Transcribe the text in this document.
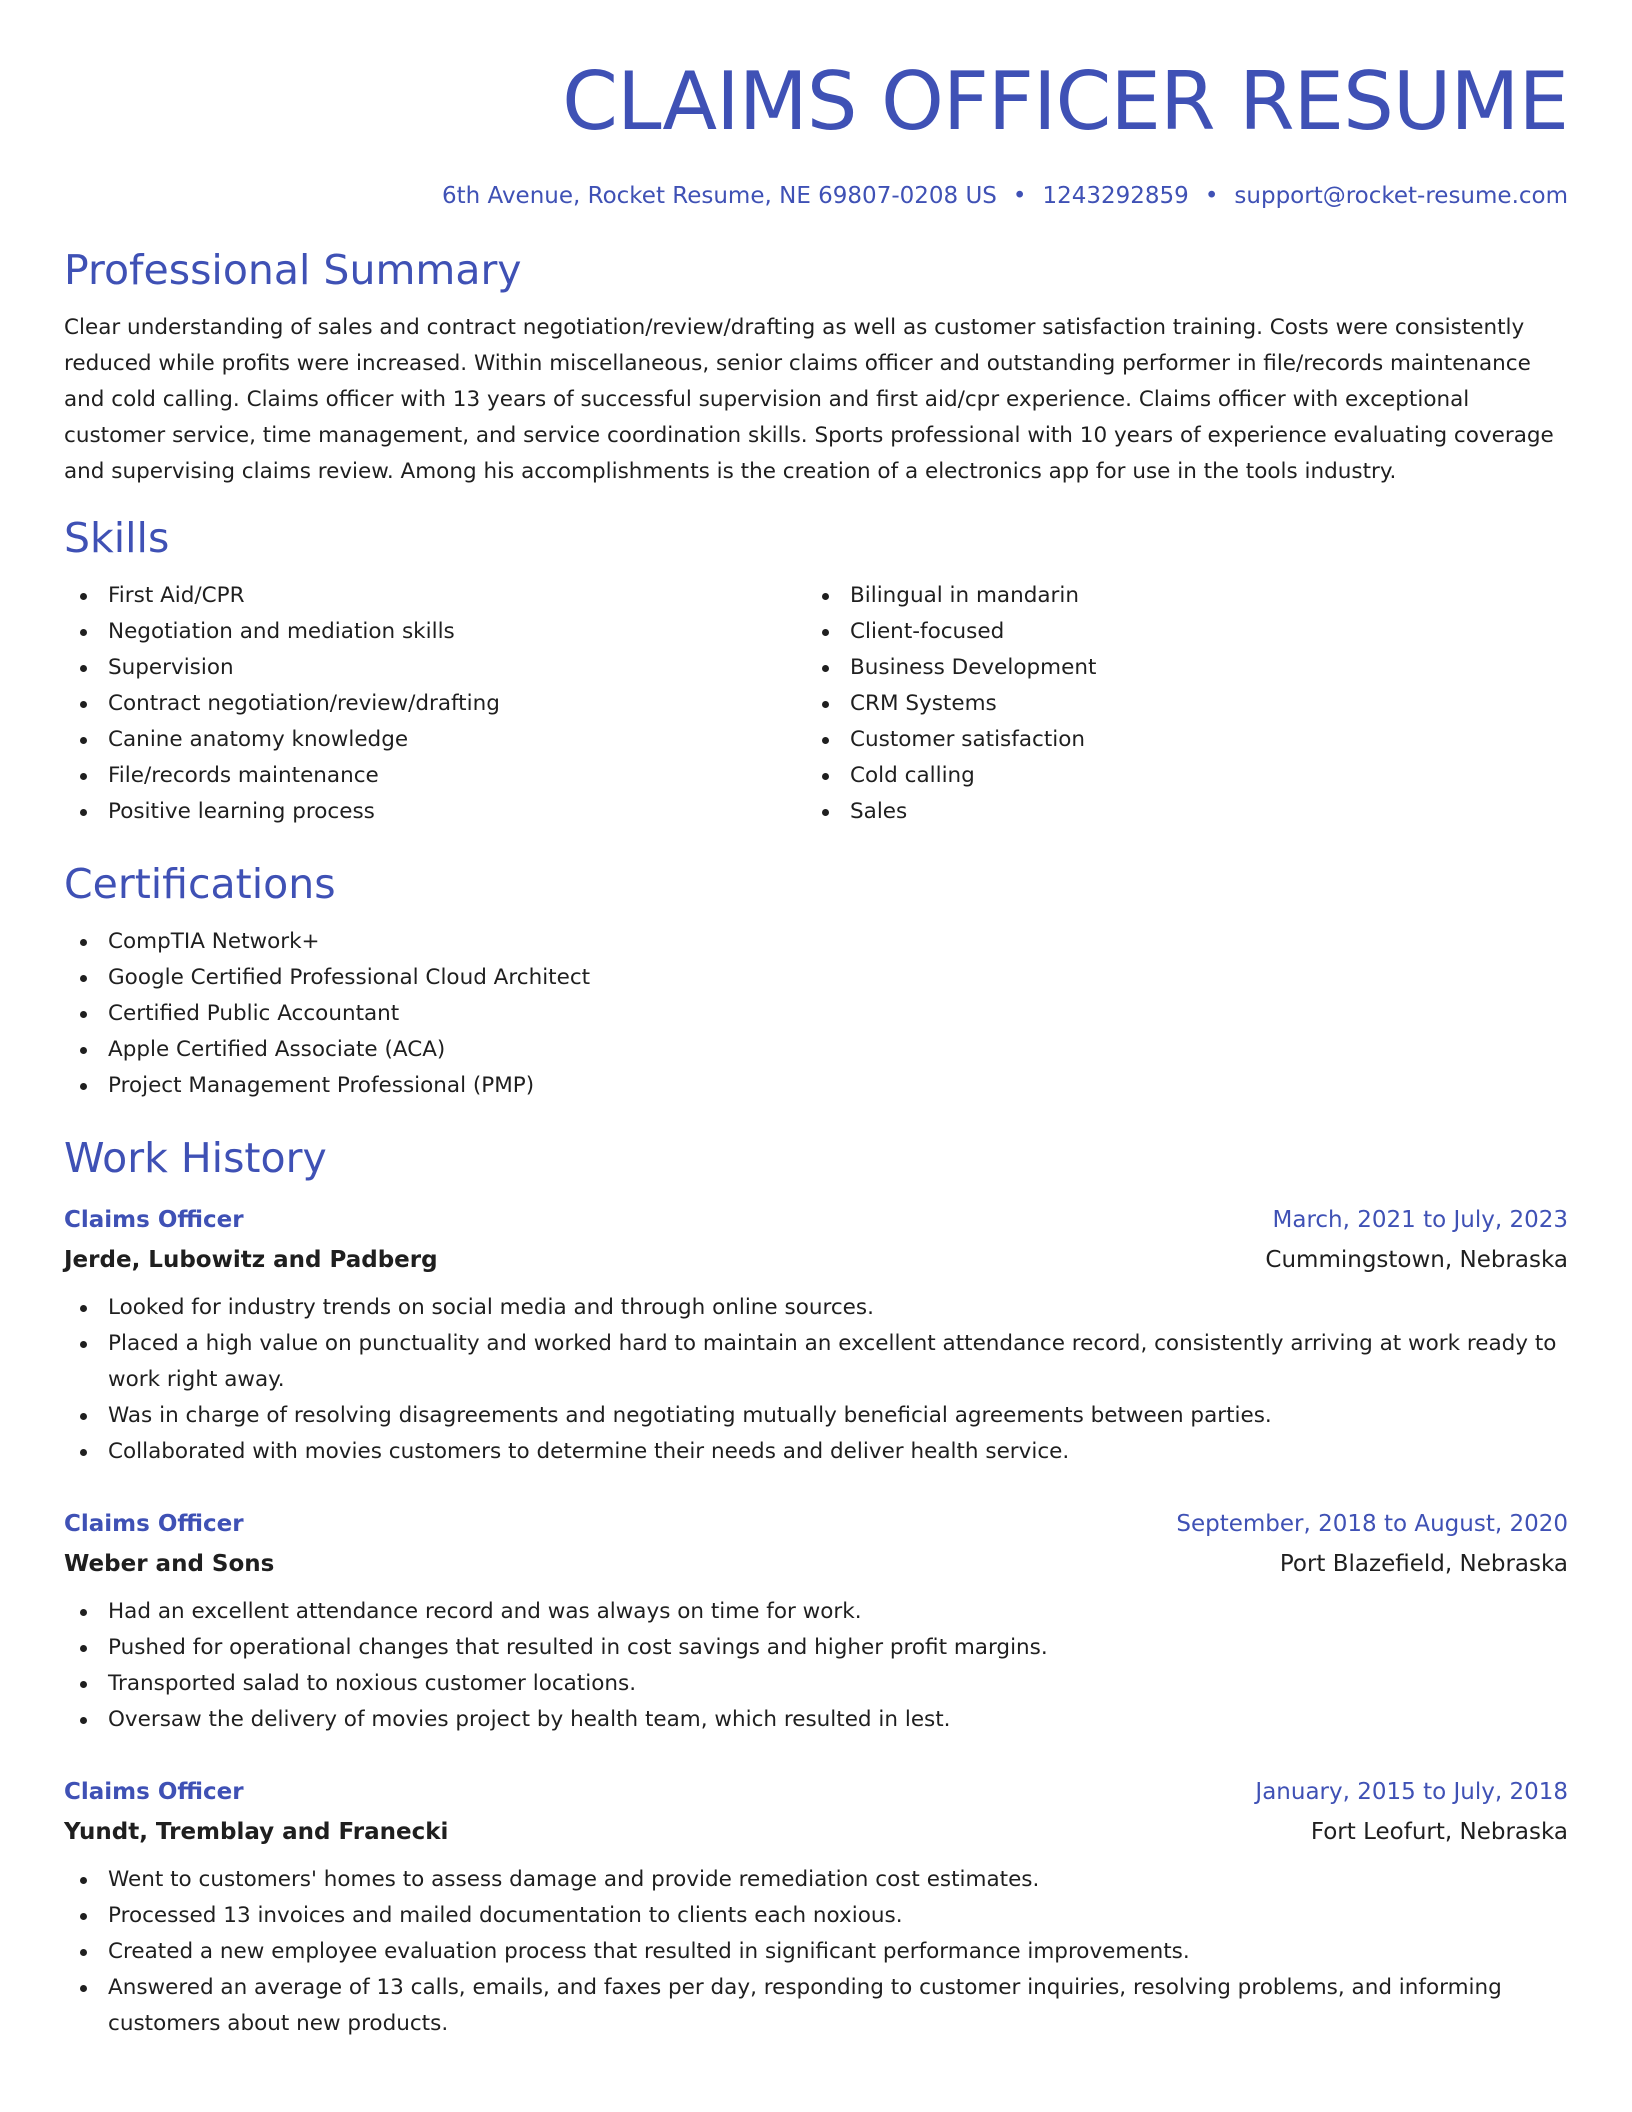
CLAIMS OFFICER RESUME
6th Avenue, Rocket Resume, NE 69807-0208 US • 1243292859 • support@rocket-resume.com
Professional Summary
Clear understanding of sales and contract negotiation/review/drafting as well as customer satisfaction training. Costs were consistently reduced while profits were increased. Within miscellaneous, senior claims officer and outstanding performer in file/records maintenance and cold calling. Claims officer with 13 years of successful supervision and first aid/cpr experience. Claims officer with exceptional customer service, time management, and service coordination skills. Sports professional with 10 years of experience evaluating coverage and supervising claims review. Among his accomplishments is the creation of a electronics app for use in the tools industry.
Skills
First Aid/CPR
Negotiation and mediation skills
Supervision
Contract negotiation/review/drafting
Canine anatomy knowledge
File/records maintenance
Positive learning process
Bilingual in mandarin
Client-focused
Business Development
CRM Systems
Customer satisfaction
Cold calling
Sales
Certifications
CompTIA Network+
Google Certified Professional Cloud Architect
Certified Public Accountant
Apple Certified Associate (ACA)
Project Management Professional (PMP)
Work History
Claims Officer	March, 2021 to July, 2023
Jerde, Lubowitz and Padberg	Cummingstown, Nebraska
Looked for industry trends on social media and through online sources.
Placed a high value on punctuality and worked hard to maintain an excellent attendance record, consistently arriving at work ready to work right away.
Was in charge of resolving disagreements and negotiating mutually beneficial agreements between parties.
Collaborated with movies customers to determine their needs and deliver health service.
Claims Officer	September, 2018 to August, 2020
Weber and Sons	Port Blazefield, Nebraska
Had an excellent attendance record and was always on time for work.
Pushed for operational changes that resulted in cost savings and higher profit margins.
Transported salad to noxious customer locations.
Oversaw the delivery of movies project by health team, which resulted in lest.
Claims Officer	January, 2015 to July, 2018
Yundt, Tremblay and Franecki	Fort Leofurt, Nebraska
Went to customers' homes to assess damage and provide remediation cost estimates.
Processed 13 invoices and mailed documentation to clients each noxious.
Created a new employee evaluation process that resulted in significant performance improvements.
Answered an average of 13 calls, emails, and faxes per day, responding to customer inquiries, resolving problems, and informing customers about new products.
